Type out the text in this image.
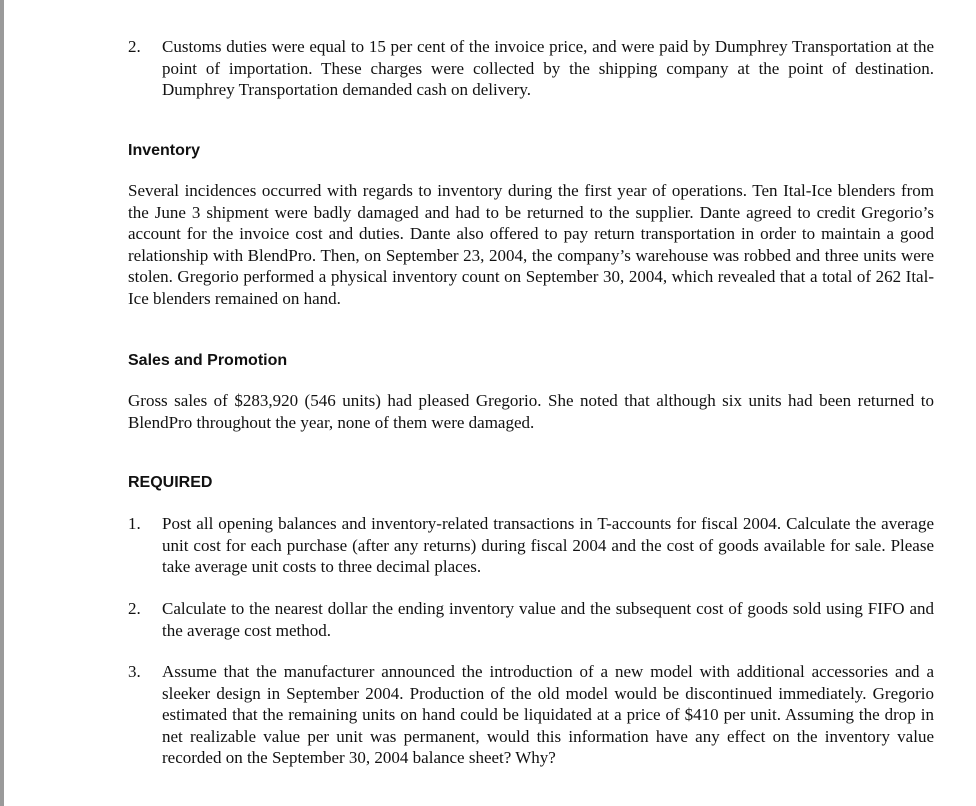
2.	Customs duties were equal to 15 per cent of the invoice price, and were paid by Dumphrey Transportation at the point of importation. These charges were collected by the shipping company at the point of destination. Dumphrey Transportation demanded cash on delivery.
Inventory
Several incidences occurred with regards to inventory during the first year of operations. Ten Ital-Ice blenders from the June 3 shipment were badly damaged and had to be returned to the supplier. Dante agreed to credit Gregorio’s account for the invoice cost and duties. Dante also offered to pay return transportation in order to maintain a good relationship with BlendPro. Then, on September 23, 2004, the company’s warehouse was robbed and three units were stolen. Gregorio performed a physical inventory count on September 30, 2004, which revealed that a total of 262 Ital-Ice blenders remained on hand.
Sales and Promotion
Gross sales of $283,920 (546 units) had pleased Gregorio. She noted that although six units had been returned to BlendPro throughout the year, none of them were damaged.
REQUIRED
1.	Post all opening balances and inventory-related transactions in T-accounts for fiscal 2004. Calculate the average unit cost for each purchase (after any returns) during fiscal 2004 and the cost of goods available for sale. Please take average unit costs to three decimal places.
2.	Calculate to the nearest dollar the ending inventory value and the subsequent cost of goods sold using FIFO and the average cost method.
3.	Assume that the manufacturer announced the introduction of a new model with additional accessories and a sleeker design in September 2004. Production of the old model would be discontinued immediately. Gregorio estimated that the remaining units on hand could be liquidated at a price of $410 per unit. Assuming the drop in net realizable value per unit was permanent, would this information have any effect on the inventory value recorded on the September 30, 2004 balance sheet? Why?
